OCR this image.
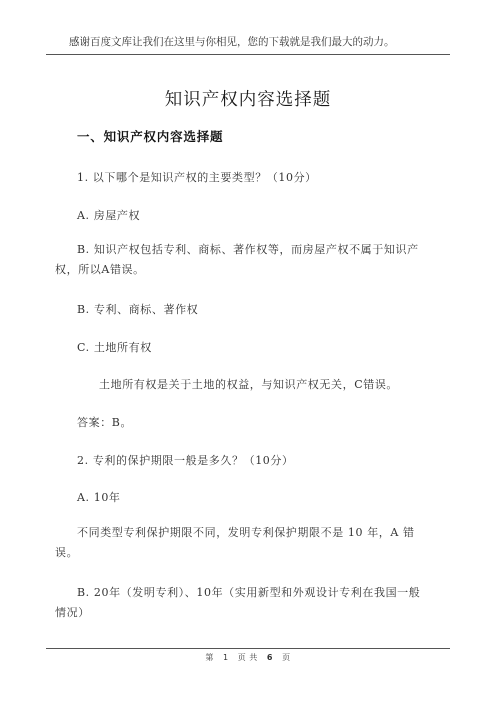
感谢百度文库让我们在这里与你相见，您的下载就是我们最大的动力。
知识产权内容选择题
一、知识产权内容选择题
1. 以下哪个是知识产权的主要类型？（10分）
A. 房屋产权
B. 知识产权包括专利、商标、著作权等，而房屋产权不属于知识产权，所以A错误。
B. 专利、商标、著作权
C. 土地所有权
土地所有权是关于土地的权益，与知识产权无关，C错误。
答案：B。
2. 专利的保护期限一般是多久？（10分）
A. 10年
不同类型专利保护期限不同，发明专利保护期限不是 10 年，A 错误。
B. 20年（发明专利）、10年（实用新型和外观设计专利在我国一般情况）
第 1 页 共 6 页
